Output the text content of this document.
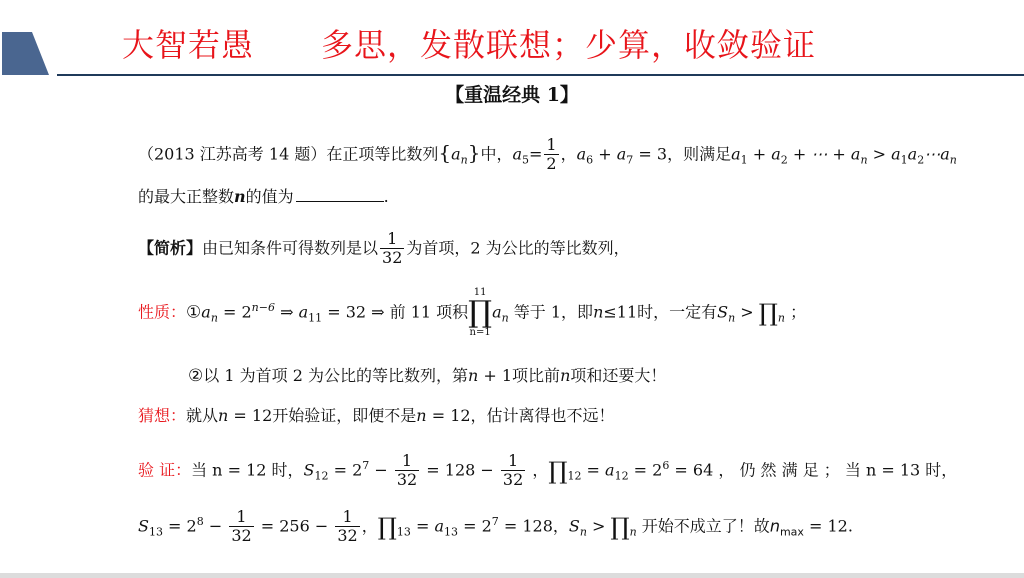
大智若愚      多思，发散联想；少算，收敛验证
【重温经典 1】
（2013 江苏高考 14 题）在正项等比数列$\{a_n\}$中，$a_5= \frac{1}{2}$ ，$a_6 + a_7 = 3$，则满足$a_1 + a_2$ + ⋯ + $a_n$ > $a_1a_2\cdots a_n$
的最大正整数n的值为	.
【简析】由已知条件可得数列是以 $\frac{1}{32}$ 为首项，2 为公比的等比数列，
性质：$①a_n = 2^{n-6}$ ⇒ $a_{11} = 32$ ⇒ 前 11 项积
11
∏
n=1
$a_n$ 等于 1，即n≤11时，一定有$S_n$ > $\prod_n$ ；
②以 1 为首项 2 为公比的等比数列，第n + 1项比前n项和还要大！
猜想：就从n = 12开始验证，即便不是n = 12，估计离得也不远！
验 证：当 n = 12 时，$S_{12} = 2^7 - \frac{1}{32} = 128 - \frac{1}{32}$ ，$\prod_{12} = a_{12} = 2^6 = 64$ ， 仍 然 满 足 ； 当 n = 13 时，
$S_{13} = 2^8 - \frac{1}{32} = 256 - \frac{1}{32}$ ，$\prod_{13} = a_{13} = 2^7 = 128$，$S_n$ > $\prod_n$ 开始不成立了！故$n_{max} = 12$.
